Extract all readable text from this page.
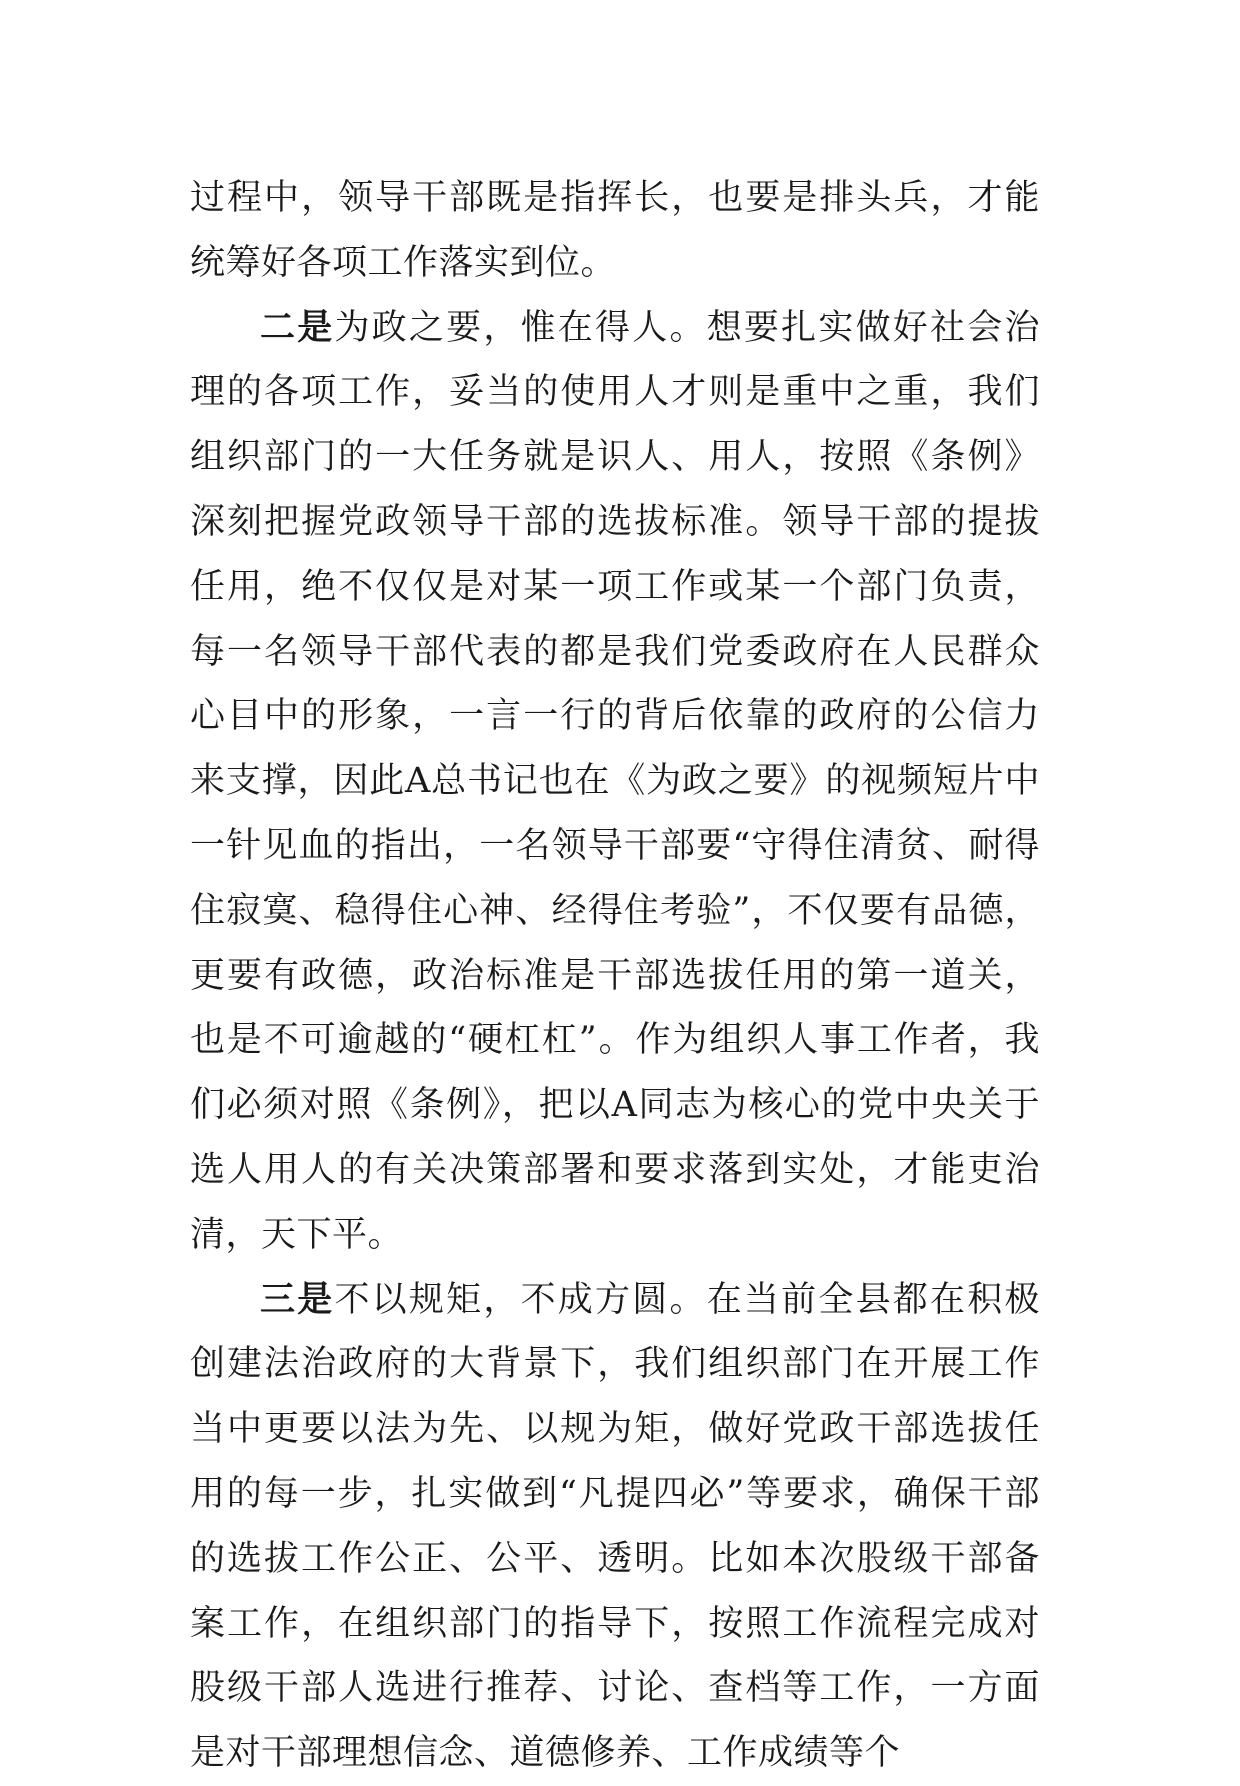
过程中，领导干部既是指挥长，也要是排头兵，才能统筹好各项工作落实到位。

二是为政之要，惟在得人。想要扎实做好社会治理的各项工作，妥当的使用人才则是重中之重，我们组织部门的一大任务就是识人、用人，按照《条例》深刻把握党政领导干部的选拔标准。领导干部的提拔任用，绝不仅仅是对某一项工作或某一个部门负责，每一名领导干部代表的都是我们党委政府在人民群众心目中的形象，一言一行的背后依靠的政府的公信力来支撑，因此A总书记也在《为政之要》的视频短片中一针见血的指出，一名领导干部要“守得住清贫、耐得住寂寞、稳得住心神、经得住考验”，不仅要有品德，更要有政德，政治标准是干部选拔任用的第一道关，也是不可逾越的“硬杠杠”。作为组织人事工作者，我们必须对照《条例》，把以A同志为核心的党中央关于选人用人的有关决策部署和要求落到实处，才能吏治清，天下平。

三是不以规矩，不成方圆。在当前全县都在积极创建法治政府的大背景下，我们组织部门在开展工作当中更要以法为先、以规为矩，做好党政干部选拔任用的每一步，扎实做到“凡提四必”等要求，确保干部的选拔工作公正、公平、透明。比如本次股级干部备案工作，在组织部门的指导下，按照工作流程完成对股级干部人选进行推荐、讨论、查档等工作，一方面是对干部理想信念、道德修养、工作成绩等个
